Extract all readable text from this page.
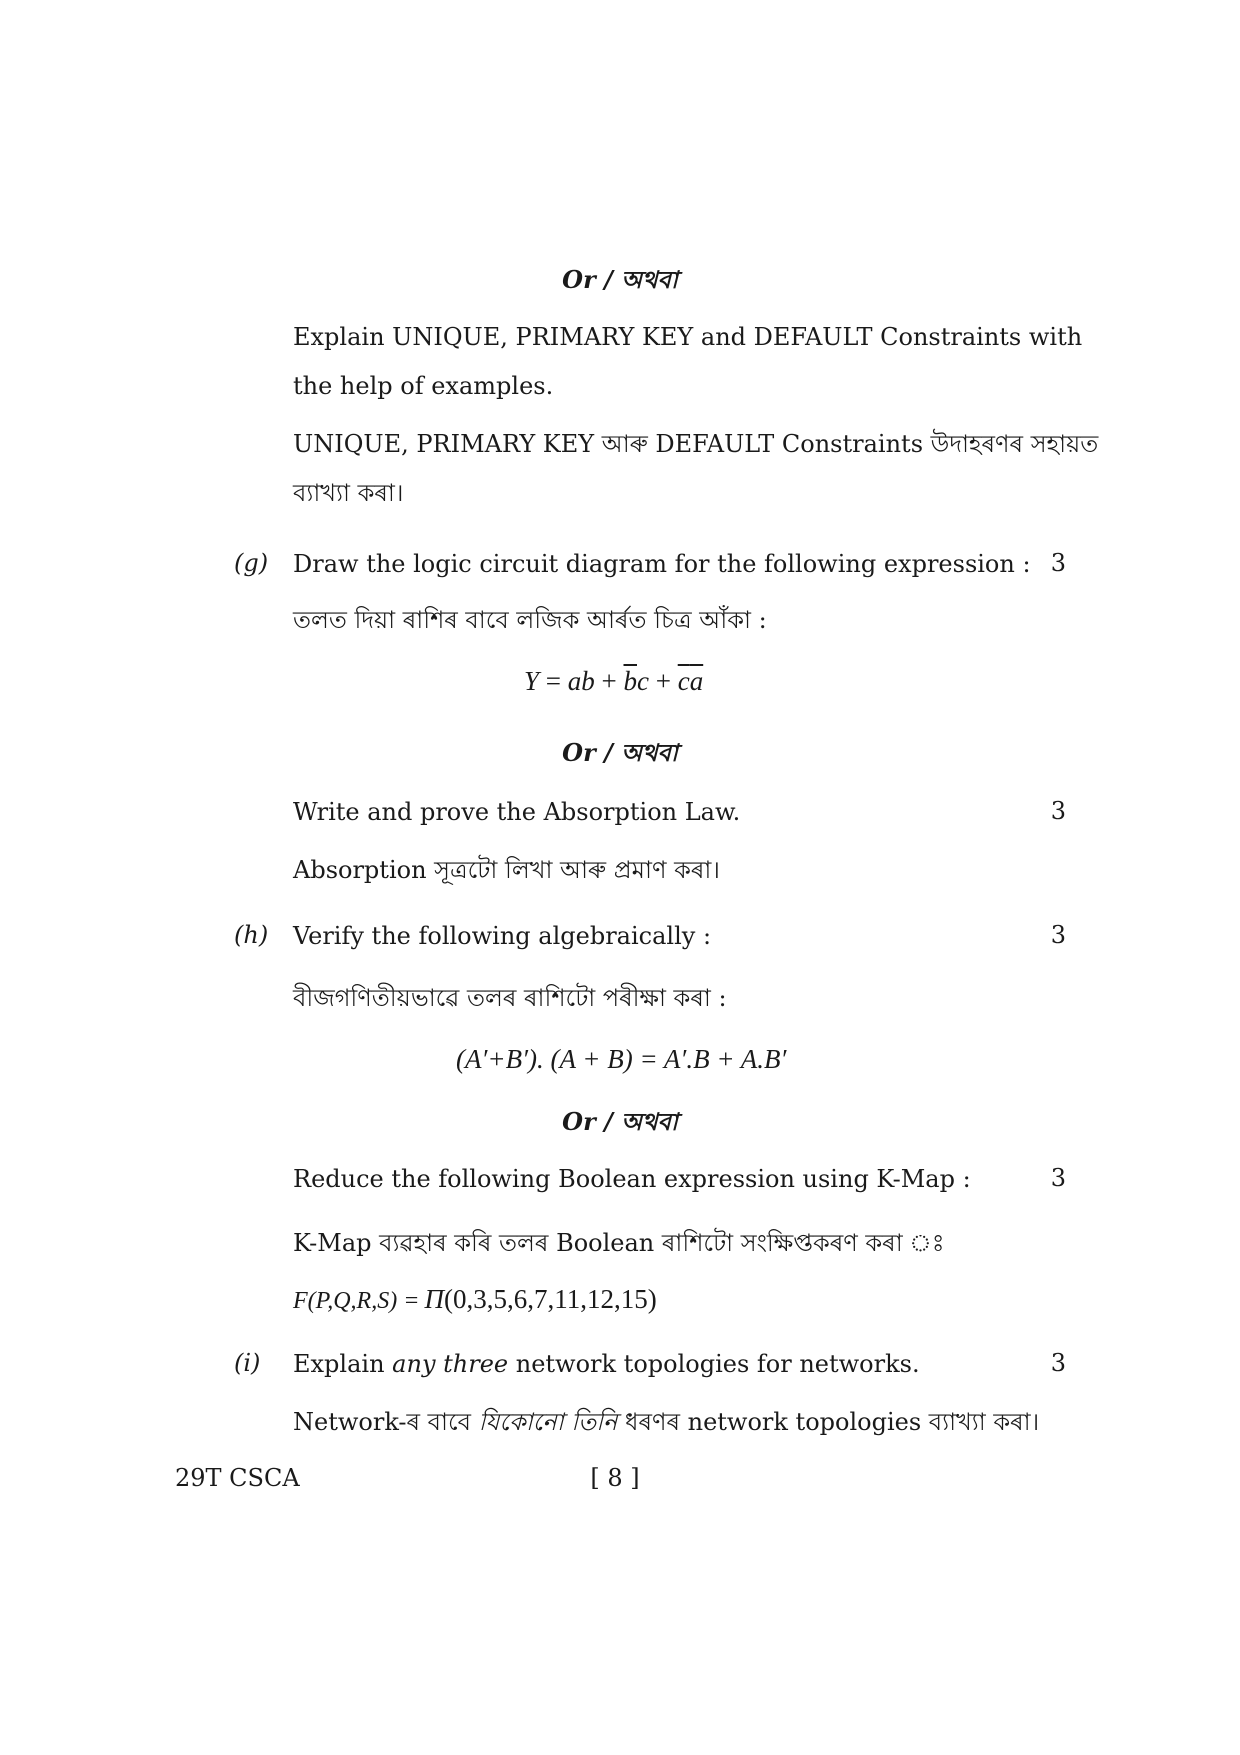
Or / অথবা
Explain UNIQUE, PRIMARY KEY and DEFAULT Constraints with
the help of examples.
UNIQUE, PRIMARY KEY আৰু DEFAULT Constraints উদাহৰণৰ সহায়ত
ব্যাখ্যা কৰা।
(g) Draw the logic circuit diagram for the following expression : 3
তলত দিয়া ৰাশিৰ বাবে লজিক আৰ্ৰত চিত্ৰ আঁকা :
Y = ab + $\overline{b}c + \overline{c}\overline{a}$
Or / অথবা
Write and prove the Absorption Law.	3
Absorption সূত্ৰটো লিখা আৰু প্ৰমাণ কৰা।
(h) Verify the following algebraically :	3
বীজগণিতীয়ভাৱে তলৰ ৰাশিটো পৰীক্ষা কৰা :
(A′+B′). (A + B) = A′.B + A.B′
Or / অথবা
Reduce the following Boolean expression using K-Map :	3
K-Map ব্যৱহাৰ কৰি তলৰ Boolean ৰাশিটো সংক্ষিপ্তকৰণ কৰা ঃ
F(P,Q,R,S) = Π(0,3,5,6,7,11,12,15)
(i) Explain any three network topologies for networks.	3
Network-ৰ বাবে যিকোনো তিনি ধৰণৰ network topologies ব্যাখ্যা কৰা।
29T CSCA	[ 8 ]
